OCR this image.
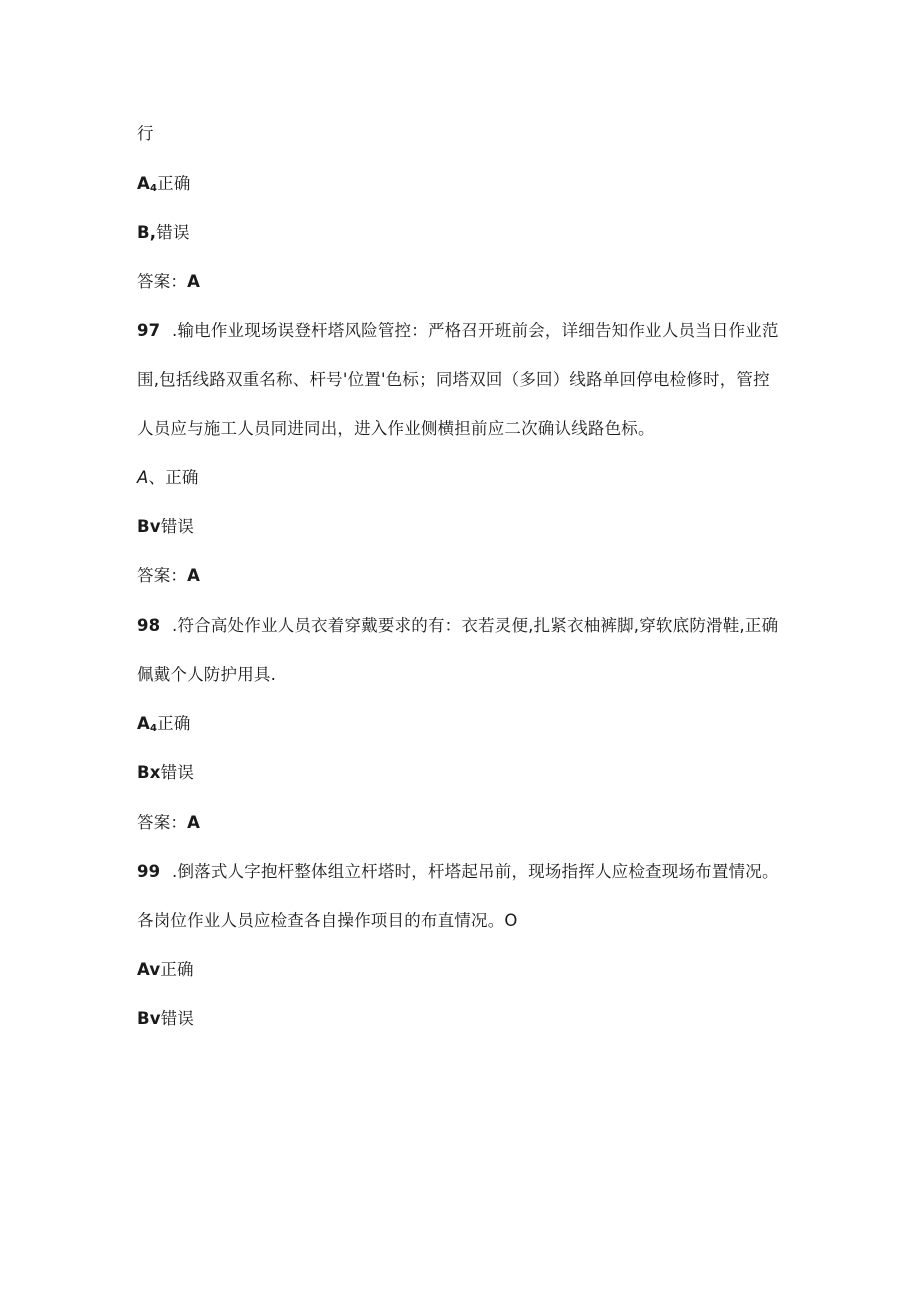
行
$A_4$正确
B,错误
答案：A
97 .输电作业现场误登杆塔风险管控：严格召开班前会，详细告知作业人员当日作业范
围,包括线路双重名称、杆号'位置'色标；同塔双回（多回）线路单回停电检修时，管控
人员应与施工人员同进同出，进入作业侧横担前应二次确认线路色标。
A、正确
Bv错误
答案：A
98 .符合高处作业人员衣着穿戴要求的有：衣若灵便,扎紧衣柚裤脚,穿软底防滑鞋,正确
佩戴个人防护用具.
$A_4$正确
Bx错误
答案：A
99 .倒落式人字抱杆整体组立杆塔时，杆塔起吊前，现场指挥人应检查现场布置情况。
各岗位作业人员应检查各自操作项目的布直情况。O
Av正确
Bv错误
